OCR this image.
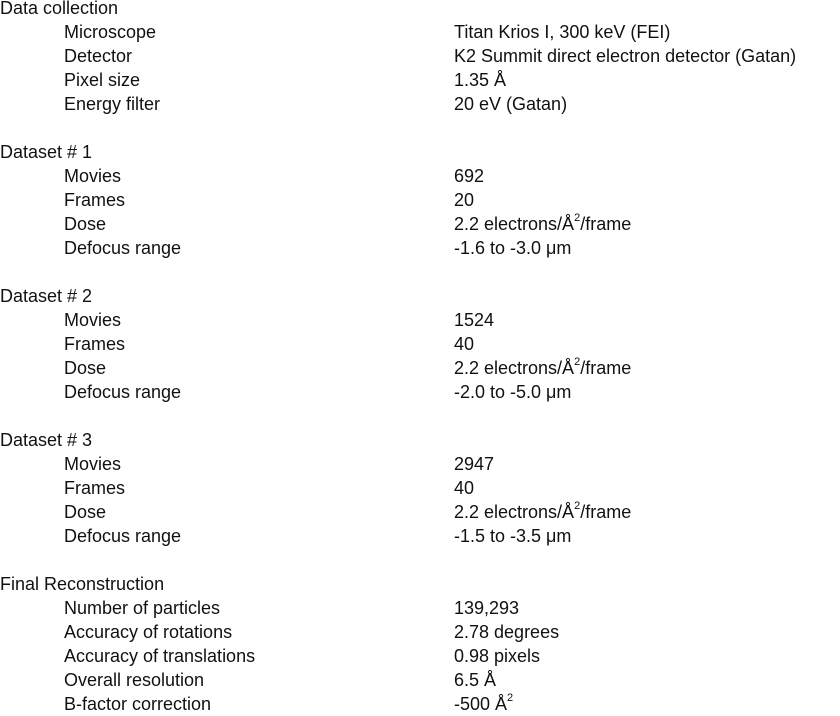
Data collection
Microscope	Titan Krios I, 300 keV (FEI)
Detector	K2 Summit direct electron detector (Gatan)
Pixel size	1.35 Å
Energy filter	20 eV (Gatan)
Dataset # 1
Movies	692
Frames	20
Dose	2.2 electrons/$Å^2$/frame
Defocus range	-1.6 to -3.0 μm
Dataset # 2
Movies	1524
Frames	40
Dose	2.2 electrons/$Å^2$/frame
Defocus range	-2.0 to -5.0 μm
Dataset # 3
Movies	2947
Frames	40
Dose	2.2 electrons/$Å^2$/frame
Defocus range	-1.5 to -3.5 μm
Final Reconstruction
Number of particles	139,293
Accuracy of rotations	2.78 degrees
Accuracy of translations	0.98 pixels
Overall resolution	6.5 Å
B-factor correction	-500 $Å^2$
